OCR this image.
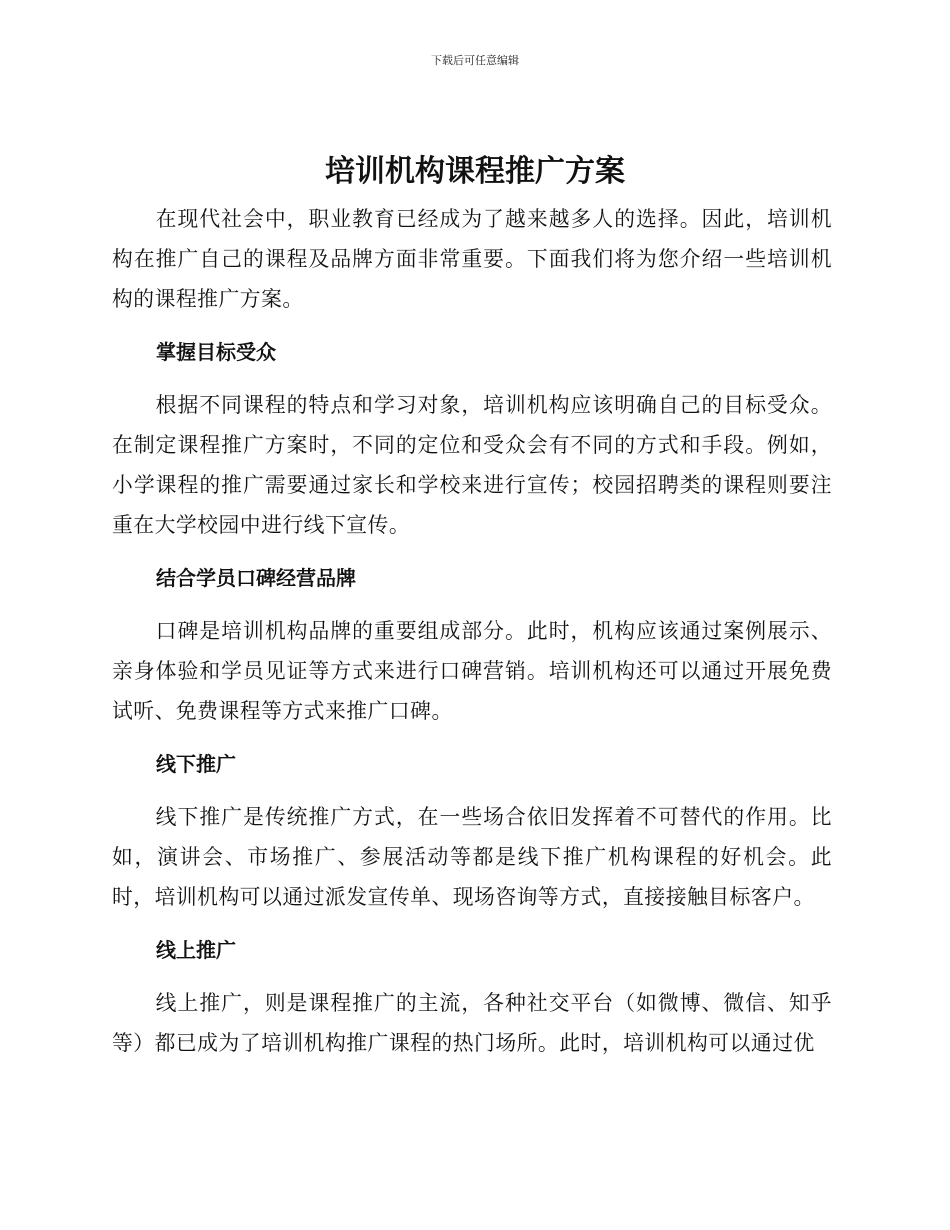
下载后可任意编辑
培训机构课程推广方案

在现代社会中，职业教育已经成为了越来越多人的选择。因此，培训机构在推广自己的课程及品牌方面非常重要。下面我们将为您介绍一些培训机构的课程推广方案。

掌握目标受众

根据不同课程的特点和学习对象，培训机构应该明确自己的目标受众。在制定课程推广方案时，不同的定位和受众会有不同的方式和手段。例如，小学课程的推广需要通过家长和学校来进行宣传；校园招聘类的课程则要注重在大学校园中进行线下宣传。

结合学员口碑经营品牌

口碑是培训机构品牌的重要组成部分。此时，机构应该通过案例展示、亲身体验和学员见证等方式来进行口碑营销。培训机构还可以通过开展免费试听、免费课程等方式来推广口碑。

线下推广

线下推广是传统推广方式，在一些场合依旧发挥着不可替代的作用。比如，演讲会、市场推广、参展活动等都是线下推广机构课程的好机会。此时，培训机构可以通过派发宣传单、现场咨询等方式，直接接触目标客户。

线上推广

线上推广，则是课程推广的主流，各种社交平台（如微博、微信、知乎等）都已成为了培训机构推广课程的热门场所。此时，培训机构可以通过优
